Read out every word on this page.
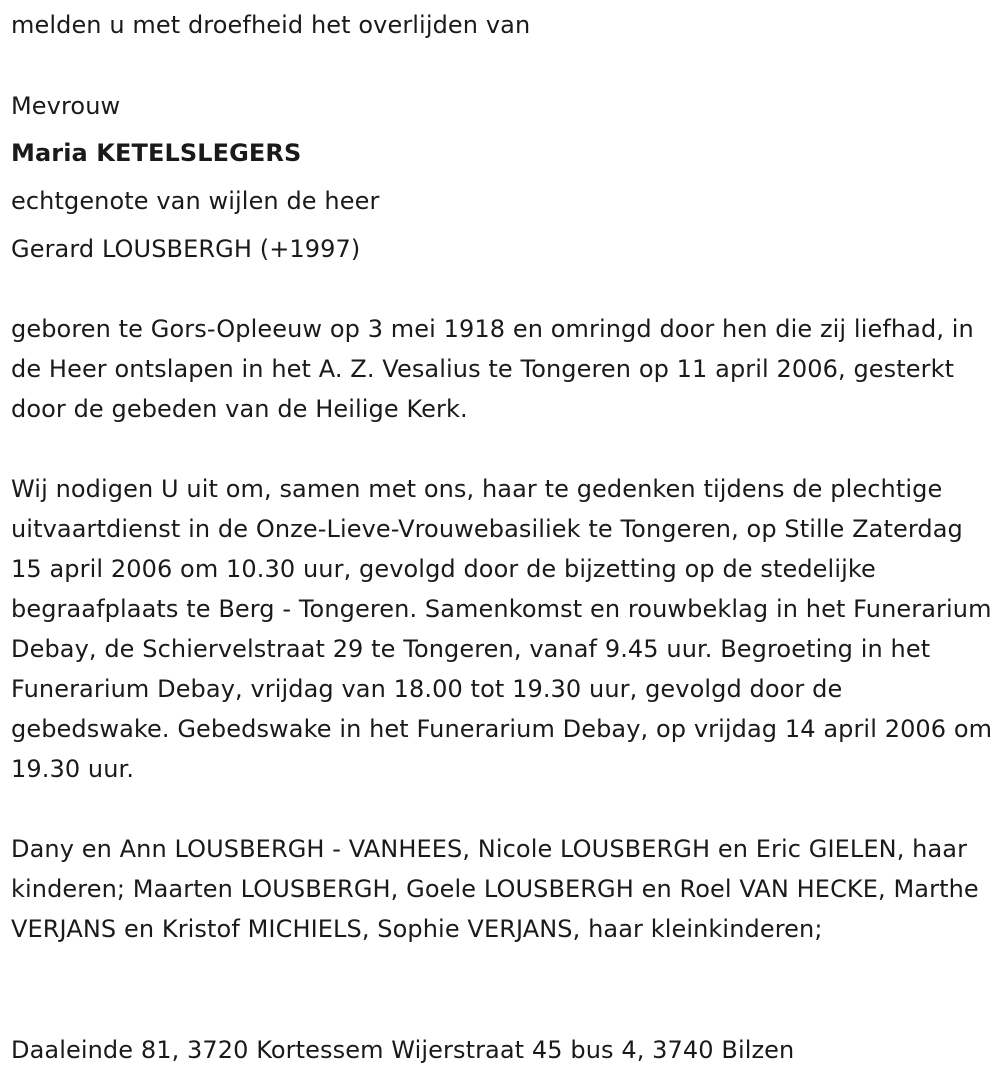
melden u met droefheid het overlijden van
Mevrouw
Maria KETELSLEGERS
echtgenote van wijlen de heer
Gerard LOUSBERGH (+1997)

geboren te Gors-Opleeuw op 3 mei 1918 en omringd door hen die zij liefhad, in de Heer ontslapen in het A. Z. Vesalius te Tongeren op 11 april 2006, gesterkt door de gebeden van de Heilige Kerk.

Wij nodigen U uit om, samen met ons, haar te gedenken tijdens de plechtige uitvaartdienst in de Onze-Lieve-Vrouwebasiliek te Tongeren, op Stille Zaterdag 15 april 2006 om 10.30 uur, gevolgd door de bijzetting op de stedelijke begraafplaats te Berg - Tongeren. Samenkomst en rouwbeklag in het Funerarium Debay, de Schiervelstraat 29 te Tongeren, vanaf 9.45 uur. Begroeting in het Funerarium Debay, vrijdag van 18.00 tot 19.30 uur, gevolgd door de gebedswake. Gebedswake in het Funerarium Debay, op vrijdag 14 april 2006 om 19.30 uur.

Dany en Ann LOUSBERGH - VANHEES, Nicole LOUSBERGH en Eric GIELEN, haar kinderen; Maarten LOUSBERGH, Goele LOUSBERGH en Roel VAN HECKE, Marthe VERJANS en Kristof MICHIELS, Sophie VERJANS, haar kleinkinderen;

Daaleinde 81, 3720 Kortessem Wijerstraat 45 bus 4, 3740 Bilzen
